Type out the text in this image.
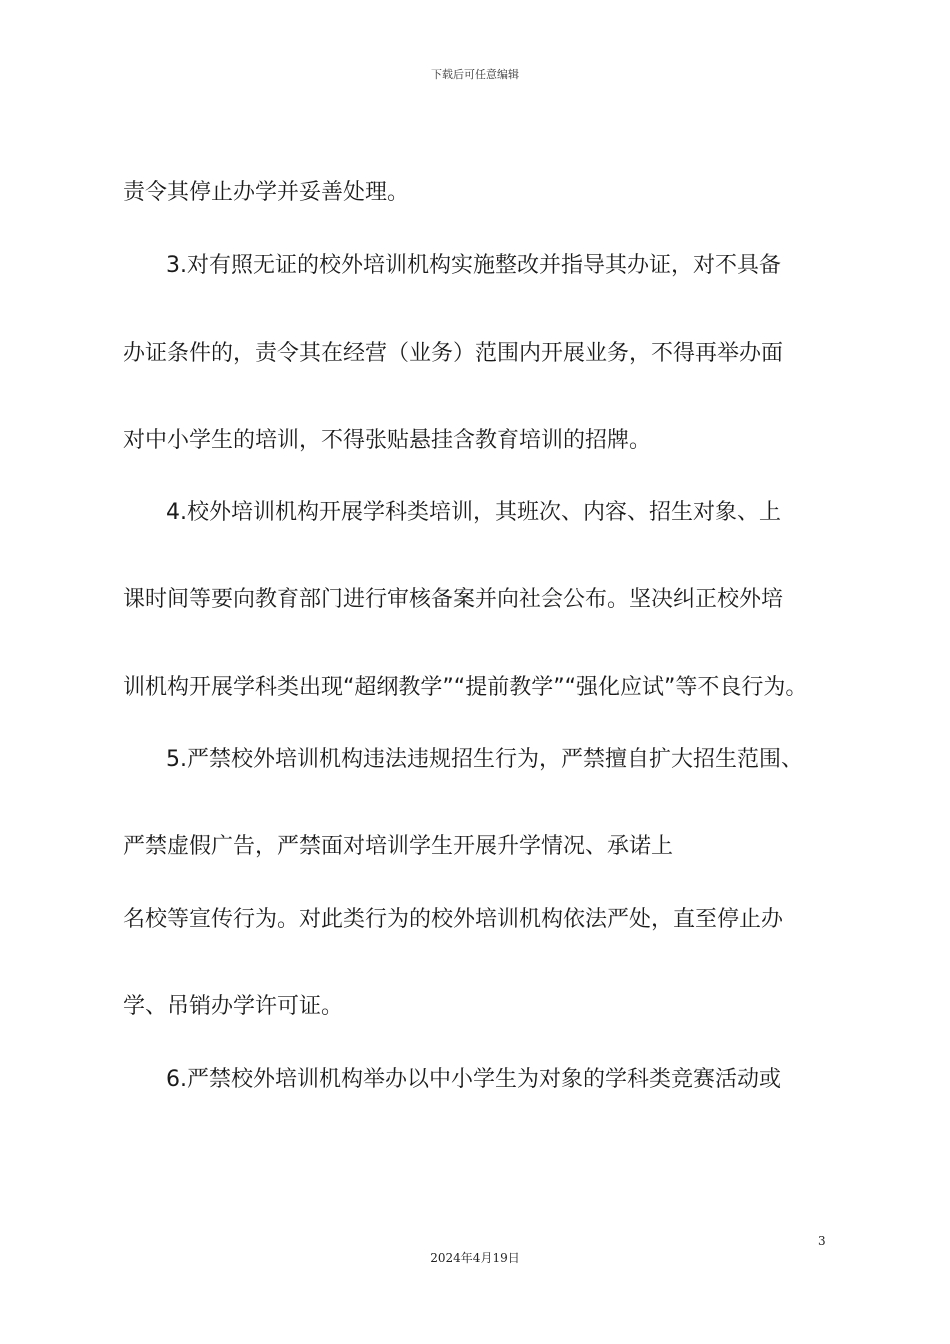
下载后可任意编辑
责令其停止办学并妥善处理。
3.对有照无证的校外培训机构实施整改并指导其办证，对不具备
办证条件的，责令其在经营（业务）范围内开展业务，不得再举办面
对中小学生的培训，不得张贴悬挂含教育培训的招牌。
4.校外培训机构开展学科类培训，其班次、内容、招生对象、上
课时间等要向教育部门进行审核备案并向社会公布。坚决纠正校外培
训机构开展学科类出现“超纲教学”“提前教学”“强化应试”等不良行为。
5.严禁校外培训机构违法违规招生行为，严禁擅自扩大招生范围、
严禁虚假广告，严禁面对培训学生开展升学情况、承诺上
名校等宣传行为。对此类行为的校外培训机构依法严处，直至停止办
学、吊销办学许可证。
6.严禁校外培训机构举办以中小学生为对象的学科类竞赛活动或
3
2024年4月19日
